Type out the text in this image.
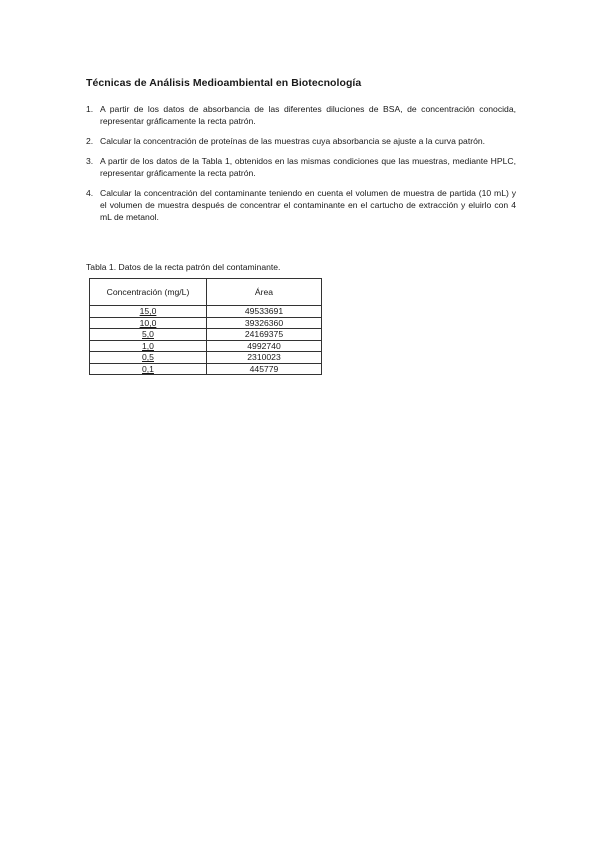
Técnicas de Análisis Medioambiental en Biotecnología
1. A partir de los datos de absorbancia de las diferentes diluciones de BSA, de concentración conocida, representar gráficamente la recta patrón.
2. Calcular la concentración de proteínas de las muestras cuya absorbancia se ajuste a la curva patrón.
3. A partir de los datos de la Tabla 1, obtenidos en las mismas condiciones que las muestras, mediante HPLC, representar gráficamente la recta patrón.
4. Calcular la concentración del contaminante teniendo en cuenta el volumen de muestra de partida (10 mL) y el volumen de muestra después de concentrar el contaminante en el cartucho de extracción y eluirlo con 4 mL de metanol.
Tabla 1. Datos de la recta patrón del contaminante.
Concentración (mg/L)	Área
15,0	49533691
10,0	39326360
5,0	24169375
1,0	4992740
0,5	2310023
0,1	445779
